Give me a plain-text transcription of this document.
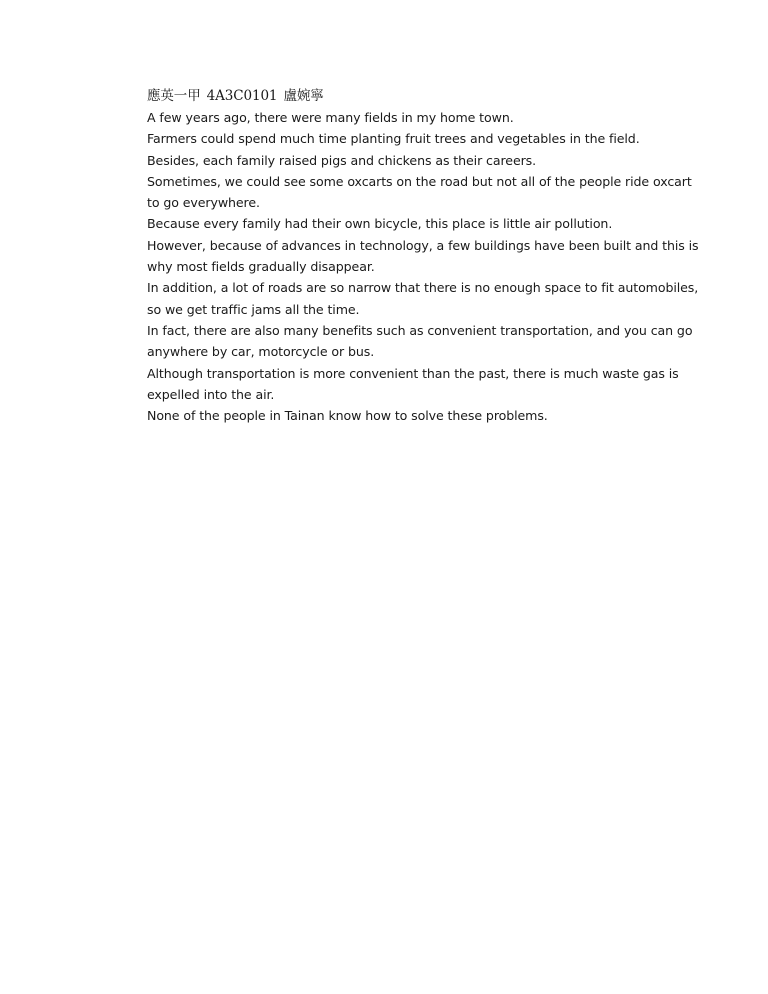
應英一甲 4A3C0101 盧婉寧

A few years ago, there were many fields in my home town.

Farmers could spend much time planting fruit trees and vegetables in the field.

Besides, each family raised pigs and chickens as their careers.

Sometimes, we could see some oxcarts on the road but not all of the people ride oxcart to go everywhere.

Because every family had their own bicycle, this place is little air pollution.

However, because of advances in technology, a few buildings have been built and this is why most fields gradually disappear.

In addition, a lot of roads are so narrow that there is no enough space to fit automobiles, so we get traffic jams all the time.

In fact, there are also many benefits such as convenient transportation, and you can go anywhere by car, motorcycle or bus.

Although transportation is more convenient than the past, there is much waste gas is expelled into the air.

None of the people in Tainan know how to solve these problems.
